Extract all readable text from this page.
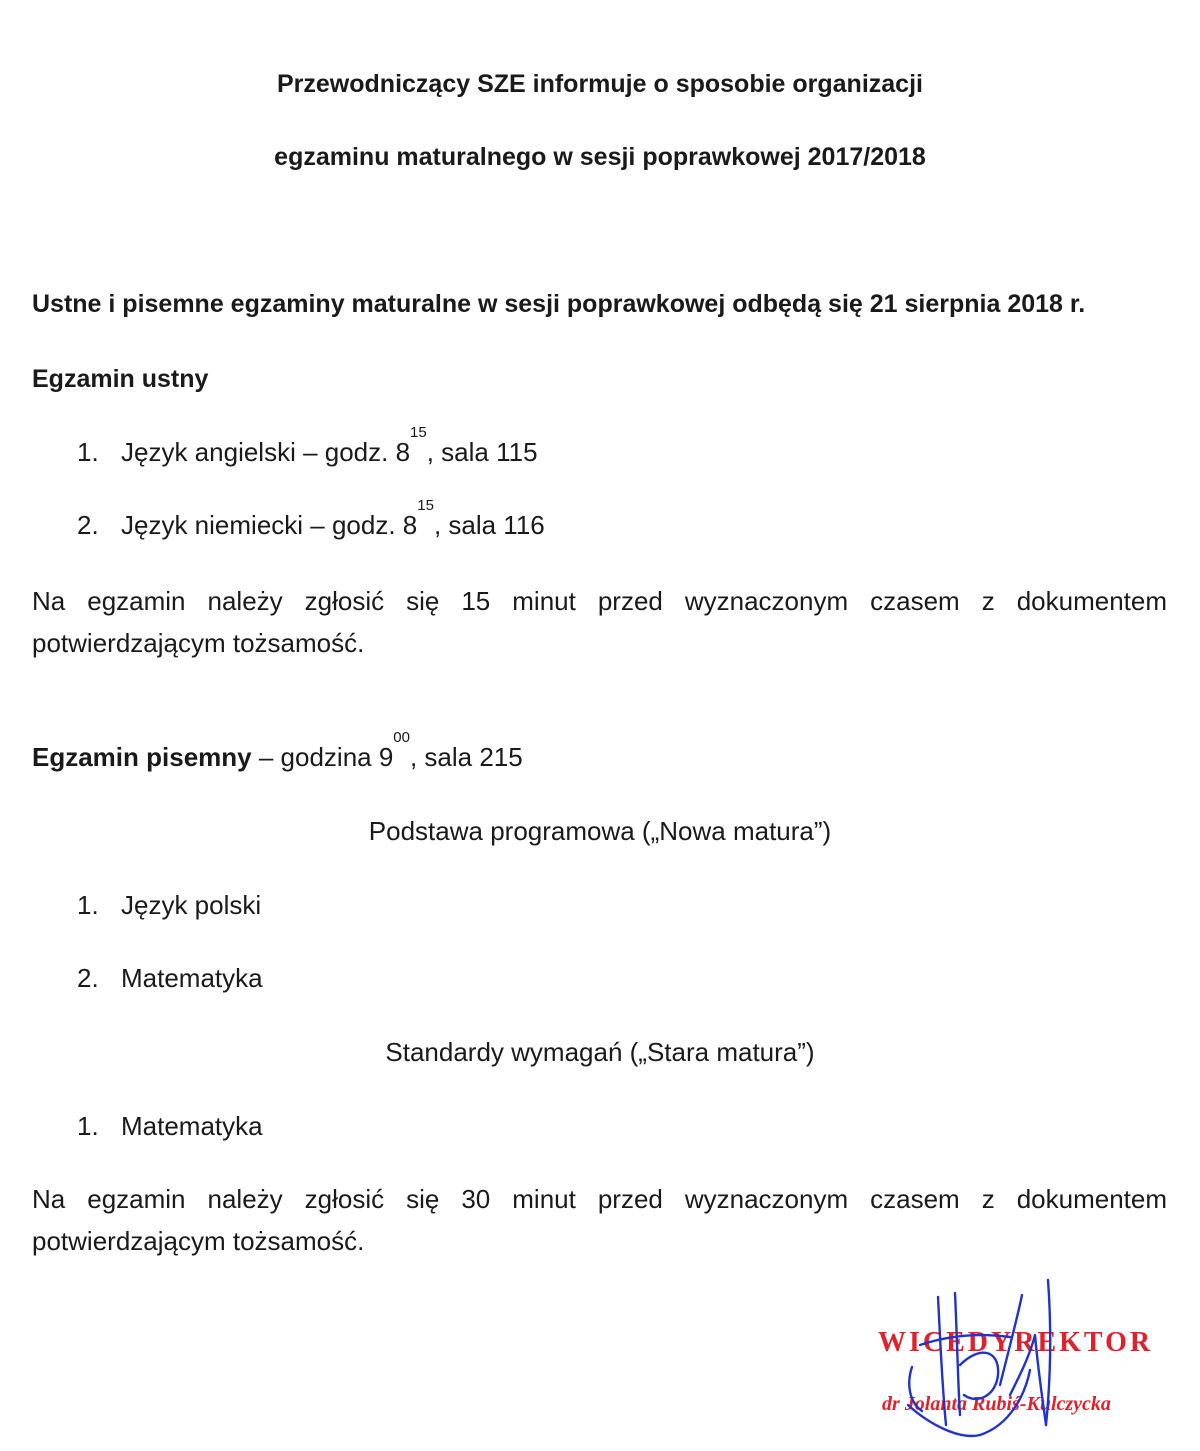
Przewodniczący SZE informuje o sposobie organizacji
egzaminu maturalnego w sesji poprawkowej 2017/2018
Ustne i pisemne egzaminy maturalne w sesji poprawkowej odbędą się 21 sierpnia 2018 r.
Egzamin ustny
1. Język angielski – godz. $8^{15}$, sala 115
2. Język niemiecki – godz. $8^{15}$, sala 116
Na egzamin należy zgłosić się 15 minut przed wyznaczonym czasem z dokumentem potwierdzającym tożsamość.
Egzamin pisemny – godzina $9^{00}$, sala 215
Podstawa programowa („Nowa matura”)
1. Język polski
2. Matematyka
Standardy wymagań („Stara matura”)
1. Matematyka
Na egzamin należy zgłosić się 30 minut przed wyznaczonym czasem z dokumentem potwierdzającym tożsamość.
WICEDYREKTOR
dr Jolanta Rubiś-Kulczycka
